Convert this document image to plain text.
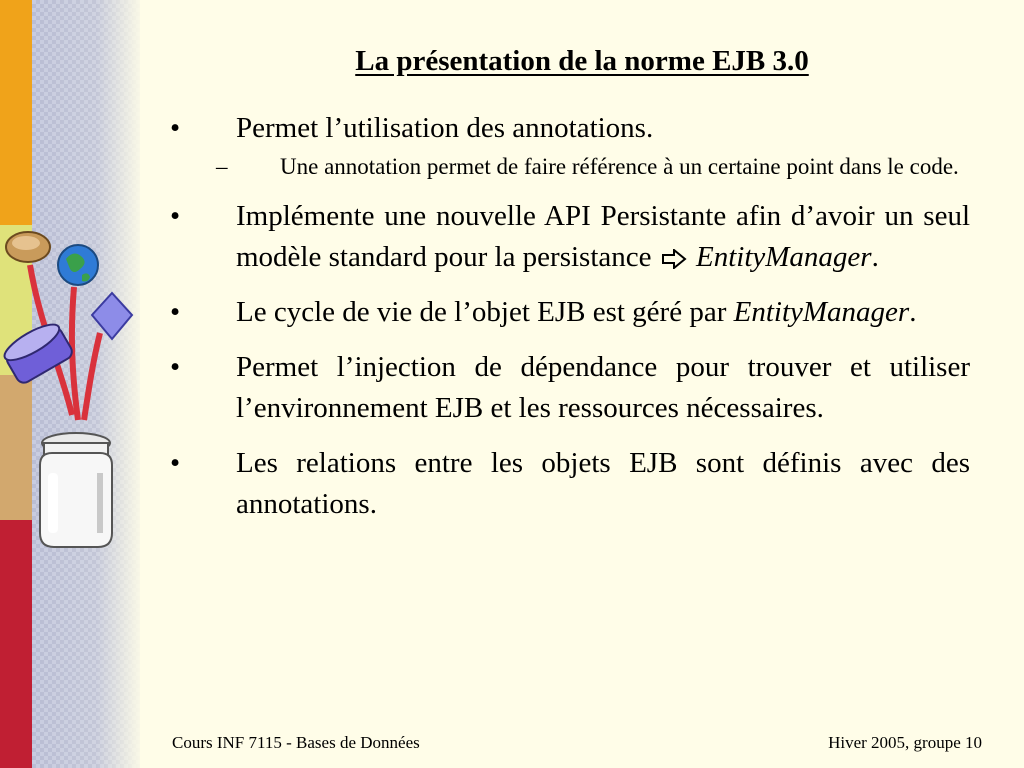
La présentation de la norme EJB 3.0
• Permet l’utilisation des annotations.
– Une annotation permet de faire référence à un certaine point dans le code.
• Implémente une nouvelle API Persistante afin d’avoir un seul modèle standard pour la persistance EntityManager.
• Le cycle de vie de l’objet EJB est géré par EntityManager.
• Permet l’injection de dépendance pour trouver et utiliser l’environnement EJB et les ressources nécessaires.
• Les relations entre les objets EJB sont définis avec des annotations.
Cours INF 7115 - Bases de Données	Hiver 2005, groupe 10
